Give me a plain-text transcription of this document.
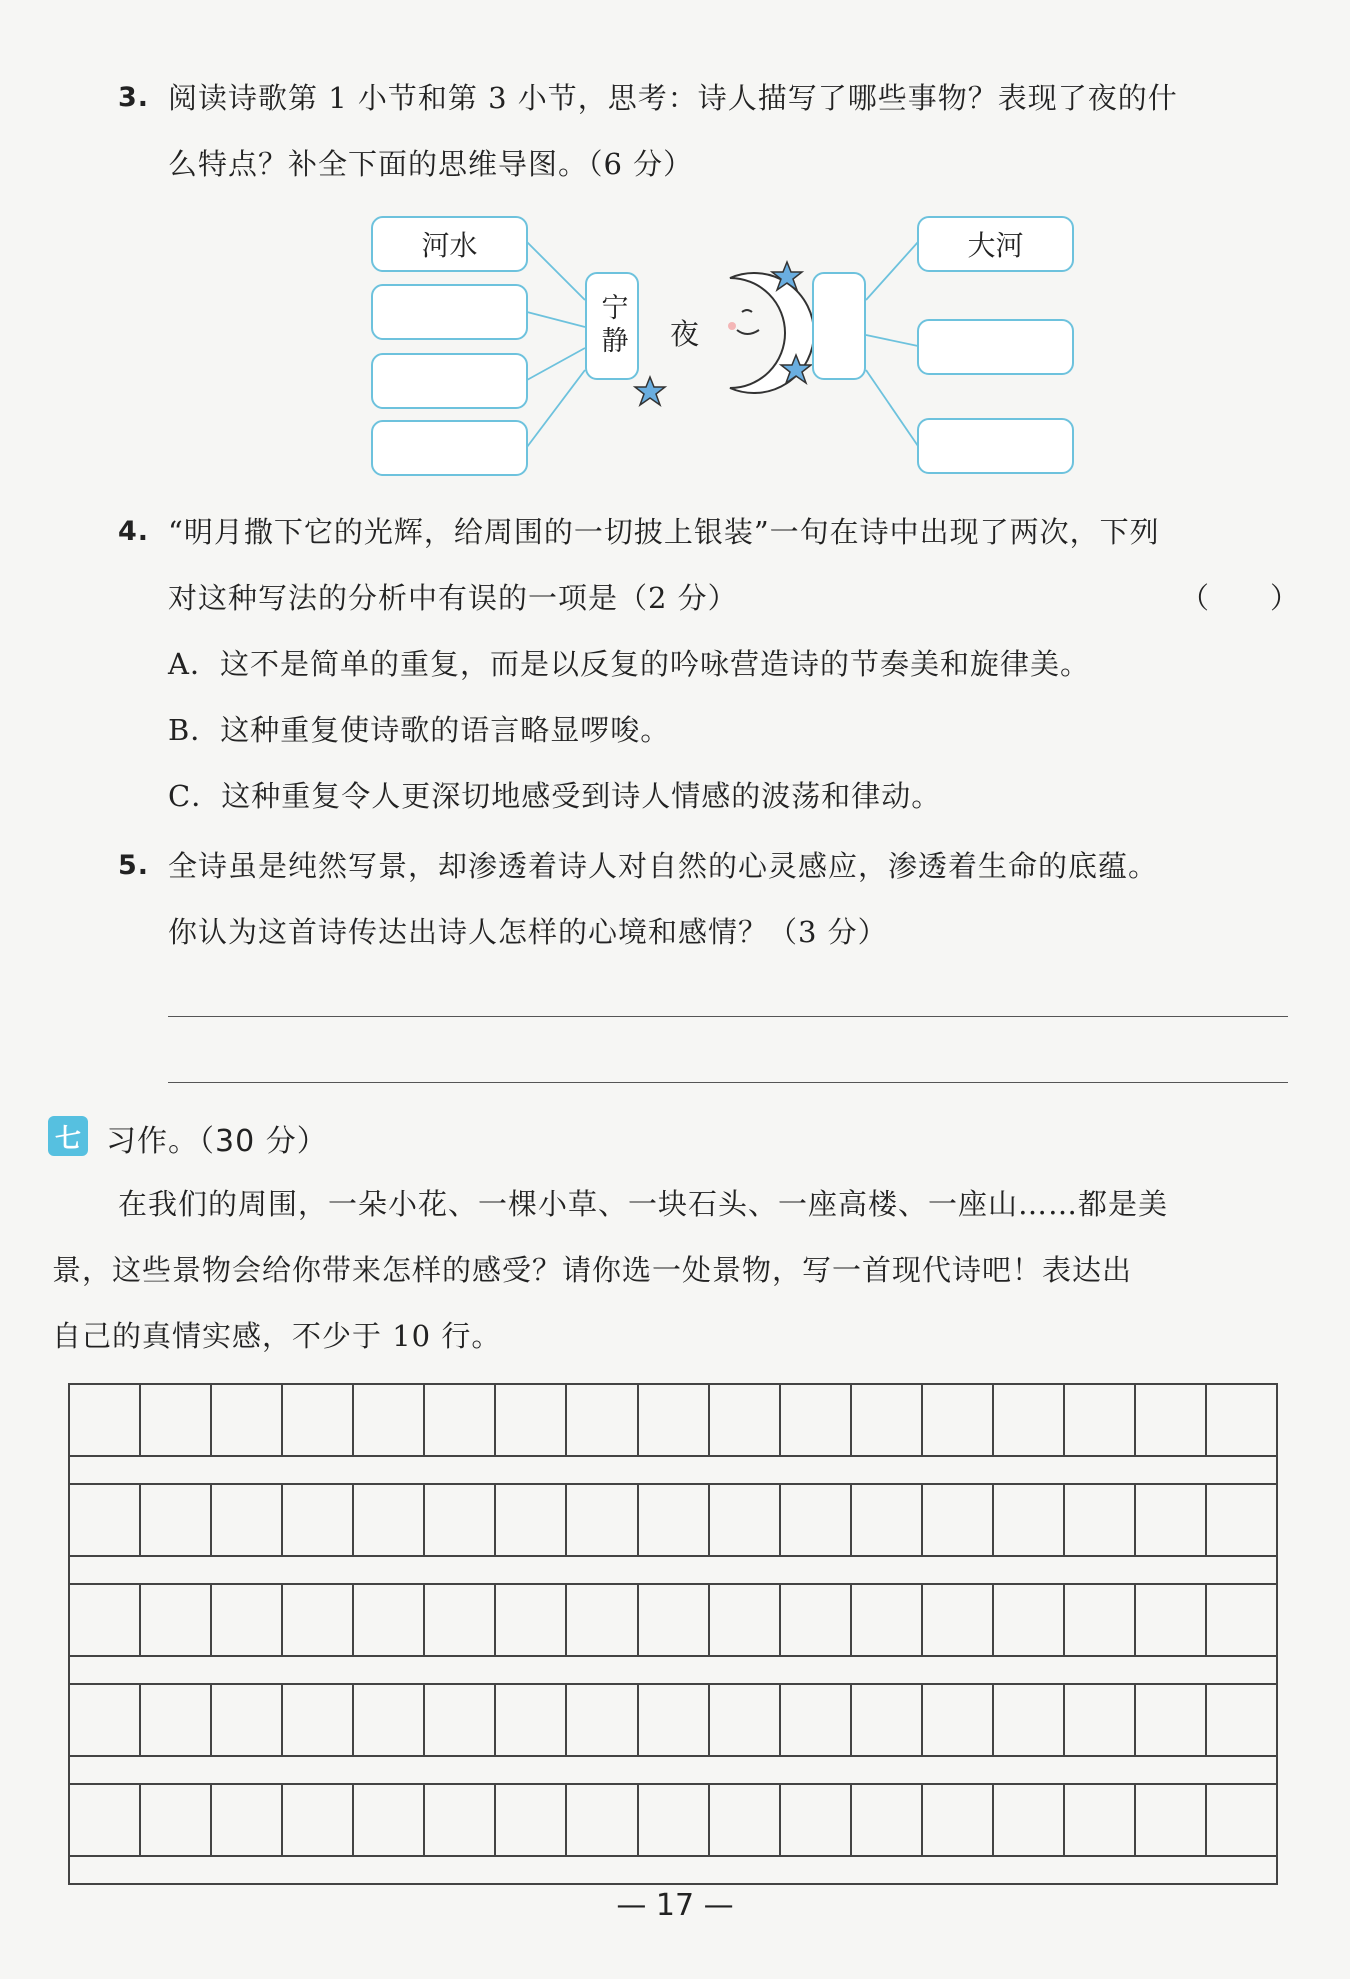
3. 阅读诗歌第 1 小节和第 3 小节，思考：诗人描写了哪些事物？表现了夜的什
么特点？补全下面的思维导图。（6 分）
河水
宁静 夜
大河
4. “明月撒下它的光辉，给周围的一切披上银装”一句在诗中出现了两次，下列
对这种写法的分析中有误的一项是（2 分）	（ ）
A．这不是简单的重复，而是以反复的吟咏营造诗的节奏美和旋律美。
B．这种重复使诗歌的语言略显啰唆。
C．这种重复令人更深切地感受到诗人情感的波荡和律动。
5. 全诗虽是纯然写景，却渗透着诗人对自然的心灵感应，渗透着生命的底蕴。
你认为这首诗传达出诗人怎样的心境和感情？（3 分）
七 习作。（30 分）
在我们的周围，一朵小花、一棵小草、一块石头、一座高楼、一座山……都是美
景，这些景物会给你带来怎样的感受？请你选一处景物，写一首现代诗吧！表达出
自己的真情实感，不少于 10 行。
— 17 —
